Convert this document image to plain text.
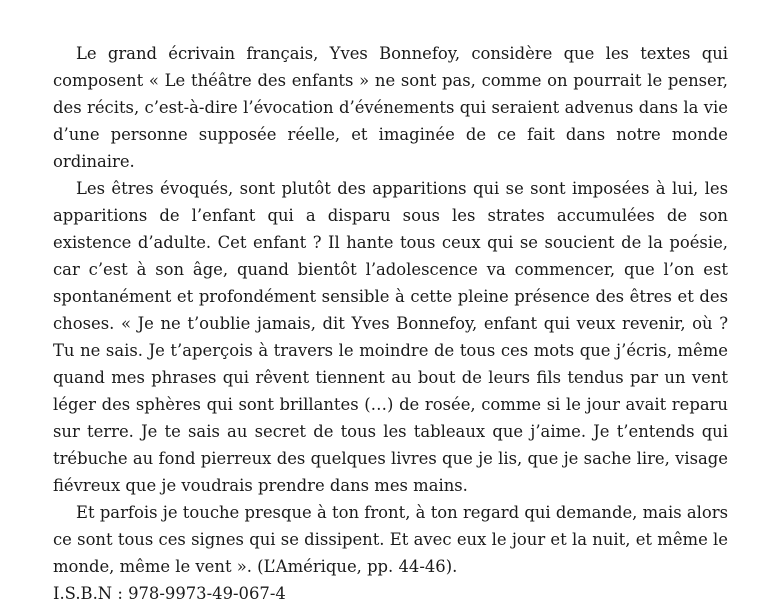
Le grand écrivain français, Yves Bonnefoy, considère que les textes qui composent « Le théâtre des enfants » ne sont pas, comme on pourrait le penser, des récits, c’est-à-dire l’évocation d’événements qui seraient advenus dans la vie d’une personne supposée réelle, et imaginée de ce fait dans notre monde ordinaire.

Les êtres évoqués, sont plutôt des apparitions qui se sont imposées à lui, les apparitions de l’enfant qui a disparu sous les strates accumulées de son existence d’adulte. Cet enfant ? Il hante tous ceux qui se soucient de la poésie, car c’est à son âge, quand bientôt l’adolescence va commencer, que l’on est spontanément et profondément sensible à cette pleine présence des êtres et des choses. « Je ne t’oublie jamais, dit Yves Bonnefoy, enfant qui veux revenir, où ? Tu ne sais. Je t’aperçois à travers le moindre de tous ces mots que j’écris, même quand mes phrases qui rêvent tiennent au bout de leurs fils tendus par un vent léger des sphères qui sont brillantes (…) de rosée, comme si le jour avait reparu sur terre. Je te sais au secret de tous les tableaux que j’aime. Je t’entends qui trébuche au fond pierreux des quelques livres que je lis, que je sache lire, visage fiévreux que je voudrais prendre dans mes mains.

Et parfois je touche presque à ton front, à ton regard qui demande, mais alors ce sont tous ces signes qui se dissipent. Et avec eux le jour et la nuit, et même le monde, même le vent ». (L’Amérique, pp. 44-46).

I.S.B.N : 978-9973-49-067-4
